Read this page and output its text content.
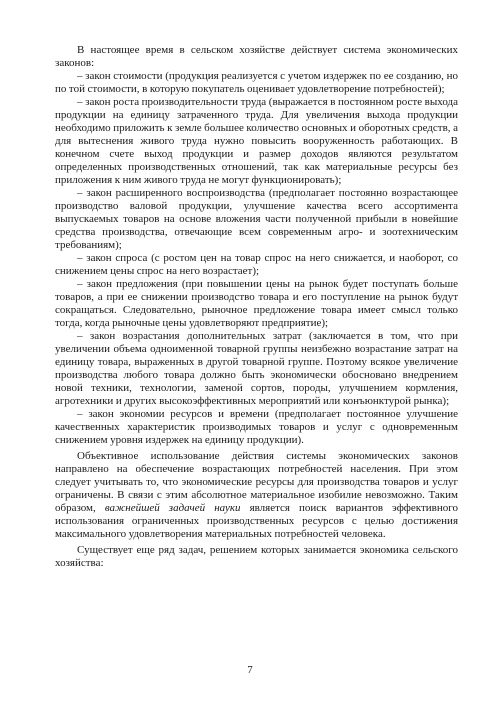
В настоящее время в сельском хозяйстве действует система экономических законов:

– закон стоимости (продукция реализуется с учетом издержек по ее созданию, но по той стоимости, в которую покупатель оценивает удовлетворение потребностей);

– закон роста производительности труда (выражается в постоянном росте выхода продукции на единицу затраченного труда. Для увеличения выхода продукции необходимо приложить к земле большее количество основных и оборотных средств, а для вытеснения живого труда нужно повысить вооруженность работающих. В конечном счете выход продукции и размер доходов являются результатом определенных производственных отношений, так как материальные ресурсы без приложения к ним живого труда не могут функционировать);

– закон расширенного воспроизводства (предполагает постоянно возрастающее производство валовой продукции, улучшение качества всего ассортимента выпускаемых товаров на основе вложения части полученной прибыли в новейшие средства производства, отвечающие всем современным агро- и зоотехническим требованиям);

– закон спроса (с ростом цен на товар спрос на него снижается, и наоборот, со снижением цены спрос на него возрастает);

– закон предложения (при повышении цены на рынок будет поступать больше товаров, а при ее снижении производство товара и его поступление на рынок будут сокращаться. Следовательно, рыночное предложение товара имеет смысл только тогда, когда рыночные цены удовлетворяют предприятие);

– закон возрастания дополнительных затрат (заключается в том, что при увеличении объема одноименной товарной группы неизбежно возрастание затрат на единицу товара, выраженных в другой товарной группе. Поэтому всякое увеличение производства любого товара должно быть экономически обосновано внедрением новой техники, технологии, заменой сортов, породы, улучшением кормления, агротехники и других высокоэффективных мероприятий или конъюнктурой рынка);

– закон экономии ресурсов и времени (предполагает постоянное улучшение качественных характеристик производимых товаров и услуг с одновременным снижением уровня издержек на единицу продукции).

Объективное использование действия системы экономических законов направлено на обеспечение возрастающих потребностей населения. При этом следует учитывать то, что экономические ресурсы для производства товаров и услуг ограничены. В связи с этим абсолютное материальное изобилие невозможно. Таким образом, важнейшей задачей науки является поиск вариантов эффективного использования ограниченных производственных ресурсов с целью достижения максимального удовлетворения материальных потребностей человека.

Существует еще ряд задач, решением которых занимается экономика сельского хозяйства:

7
